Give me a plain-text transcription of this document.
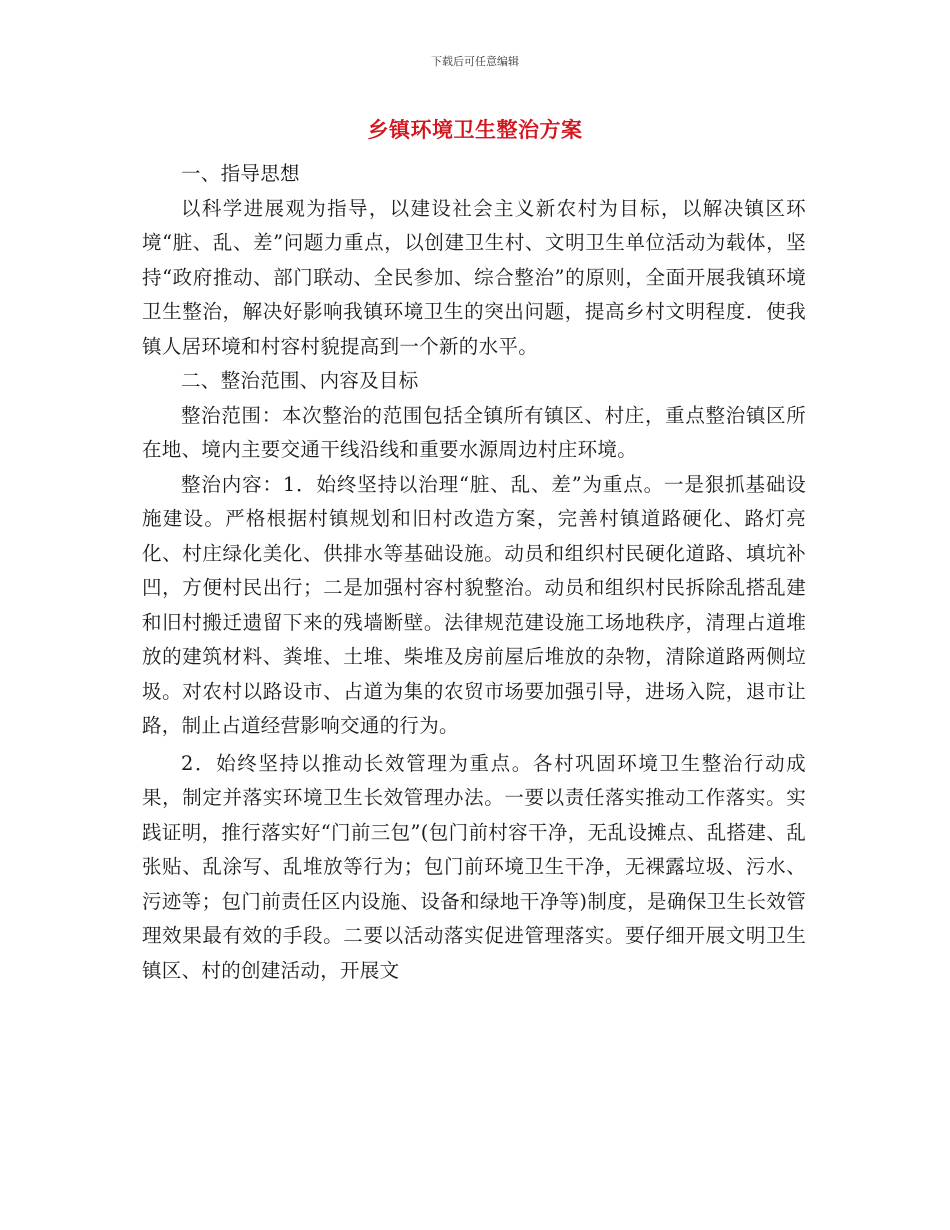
下载后可任意编辑
乡镇环境卫生整治方案

一、指导思想

以科学进展观为指导，以建设社会主义新农村为目标，以解决镇区环境“脏、乱、差”问题力重点，以创建卫生村、文明卫生单位活动为载体，坚持“政府推动、部门联动、全民参加、综合整治”的原则，全面开展我镇环境卫生整治，解决好影响我镇环境卫生的突出问题，提高乡村文明程度．使我镇人居环境和村容村貌提高到一个新的水平。

二、整治范围、内容及目标

整治范围：本次整治的范围包括全镇所有镇区、村庄，重点整治镇区所在地、境内主要交通干线沿线和重要水源周边村庄环境。

整治内容：1．始终坚持以治理“脏、乱、差”为重点。一是狠抓基础设施建设。严格根据村镇规划和旧村改造方案，完善村镇道路硬化、路灯亮化、村庄绿化美化、供排水等基础设施。动员和组织村民硬化道路、填坑补凹，方便村民出行；二是加强村容村貌整治。动员和组织村民拆除乱搭乱建和旧村搬迁遗留下来的残墙断壁。法律规范建设施工场地秩序，清理占道堆放的建筑材料、粪堆、土堆、柴堆及房前屋后堆放的杂物，清除道路两侧垃圾。对农村以路设市、占道为集的农贸市场要加强引导，进场入院，退市让路，制止占道经营影响交通的行为。

2．始终坚持以推动长效管理为重点。各村巩固环境卫生整治行动成果，制定并落实环境卫生长效管理办法。一要以责任落实推动工作落实。实践证明，推行落实好“门前三包”(包门前村容干净，无乱设摊点、乱搭建、乱张贴、乱涂写、乱堆放等行为；包门前环境卫生干净，无裸露垃圾、污水、污迹等；包门前责任区内设施、设备和绿地干净等)制度，是确保卫生长效管理效果最有效的手段。二要以活动落实促进管理落实。要仔细开展文明卫生镇区、村的创建活动，开展文
